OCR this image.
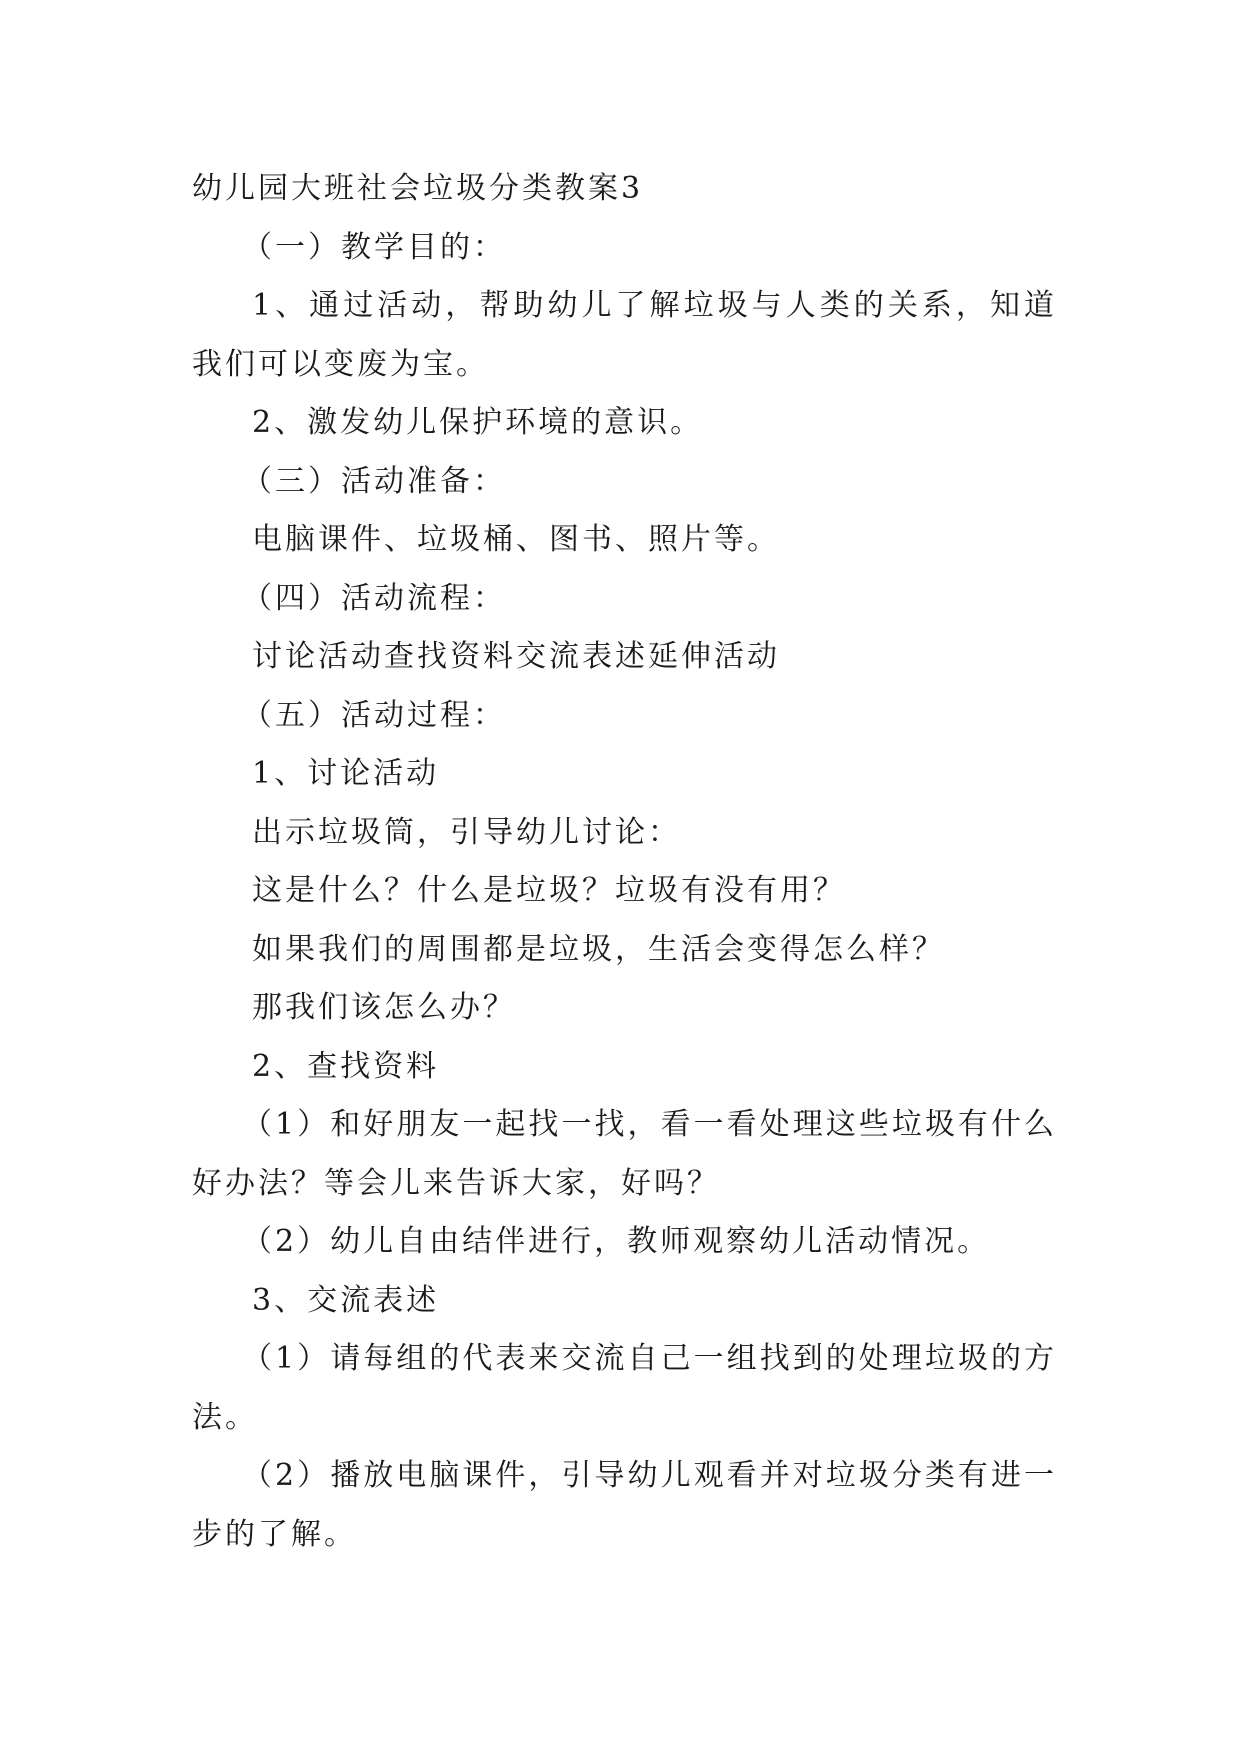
幼儿园大班社会垃圾分类教案3
（一）教学目的：
1、通过活动，帮助幼儿了解垃圾与人类的关系，知道我们可以变废为宝。
2、激发幼儿保护环境的意识。
（三）活动准备：
电脑课件、垃圾桶、图书、照片等。
（四）活动流程：
讨论活动查找资料交流表述延伸活动
（五）活动过程：
1、讨论活动
出示垃圾筒，引导幼儿讨论：
这是什么？什么是垃圾？垃圾有没有用？
如果我们的周围都是垃圾，生活会变得怎么样？
那我们该怎么办？
2、查找资料
（1）和好朋友一起找一找，看一看处理这些垃圾有什么好办法？等会儿来告诉大家，好吗？
（2）幼儿自由结伴进行，教师观察幼儿活动情况。
3、交流表述
（1）请每组的代表来交流自己一组找到的处理垃圾的方法。
（2）播放电脑课件，引导幼儿观看并对垃圾分类有进一步的了解。
